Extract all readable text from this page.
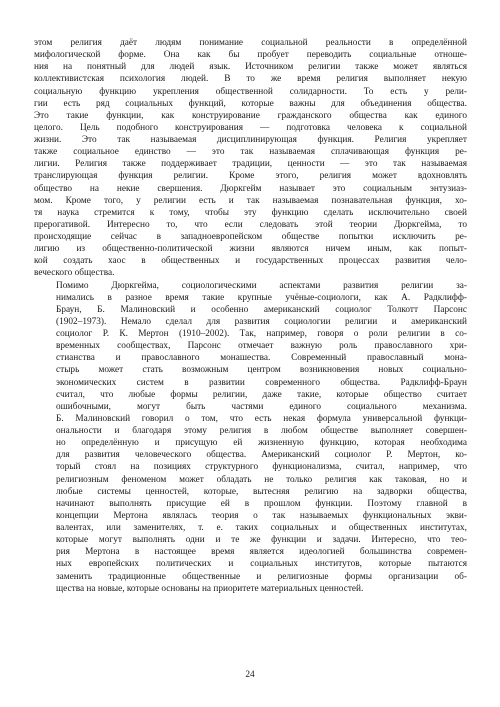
этом религия даёт людям понимание социальной реальности в определённой
мифологической форме. Она как бы пробует переводить социальные отноше-
ния на понятный для людей язык. Источником религии также может являться
коллективистская психология людей. В то же время религия выполняет некую
социальную функцию укрепления общественной солидарности. То есть у рели-
гии есть ряд социальных функций, которые важны для объединения общества.
Это такие функции, как конструирование гражданского общества как единого
целого. Цель подобного конструирования — подготовка человека к социальной
жизни. Это так называемая дисциплинирующая функция. Религия укрепляет
также социальное единство — это так называемая сплачивающая функция ре-
лигии. Религия также поддерживает традиции, ценности — это так называемая
транслирующая функция религии. Кроме этого, религия может вдохновлять
общество на некие свершения. Дюркгейм называет это социальным энтузиаз-
мом. Кроме того, у религии есть и так называемая познавательная функция, хо-
тя наука стремится к тому, чтобы эту функцию сделать исключительно своей
прерогативой. Интересно то, что если следовать этой теории Дюркгейма, то
происходящие сейчас в западноевропейском обществе попытки исключить ре-
лигию из общественно-политической жизни являются ничем иным, как попыт-
кой создать хаос в общественных и государственных процессах развития чело-
веческого общества.
Помимо Дюркгейма, социологическими аспектами развития религии за-
нимались в разное время такие крупные учёные-социологи, как А. Радклифф-
Браун, Б. Малиновский и особенно американский социолог Толкотт Парсонс
(1902–1973). Немало сделал для развития социологии религии и американский
социолог Р. К. Мертон (1910–2002). Так, например, говоря о роли религии в со-
временных сообществах, Парсонс отмечает важную роль православного хри-
стианства и православного монашества. Современный православный мона-
стырь может стать возможным центром возникновения новых социально-
экономических систем в развитии современного общества. Радклифф-Браун
считал, что любые формы религии, даже такие, которые общество считает
ошибочными, могут быть частями единого социального механизма.
Б. Малиновский говорил о том, что есть некая формула универсальной функци-
ональности и благодаря этому религия в любом обществе выполняет совершен-
но определённую и присущую ей жизненную функцию, которая необходима
для развития человеческого общества. Американский социолог Р. Мертон, ко-
торый стоял на позициях структурного функционализма, считал, например, что
религиозным феноменом может обладать не только религия как таковая, но и
любые системы ценностей, которые, вытесняя религию на задворки общества,
начинают выполнять присущие ей в прошлом функции. Поэтому главной в
концепции Мертона являлась теория о так называемых функциональных экви-
валентах, или заменителях, т. е. таких социальных и общественных институтах,
которые могут выполнять одни и те же функции и задачи. Интересно, что тео-
рия Мертона в настоящее время является идеологией большинства современ-
ных европейских политических и социальных институтов, которые пытаются
заменить традиционные общественные и религиозные формы организации об-
щества на новые, которые основаны на приоритете материальных ценностей.
24
